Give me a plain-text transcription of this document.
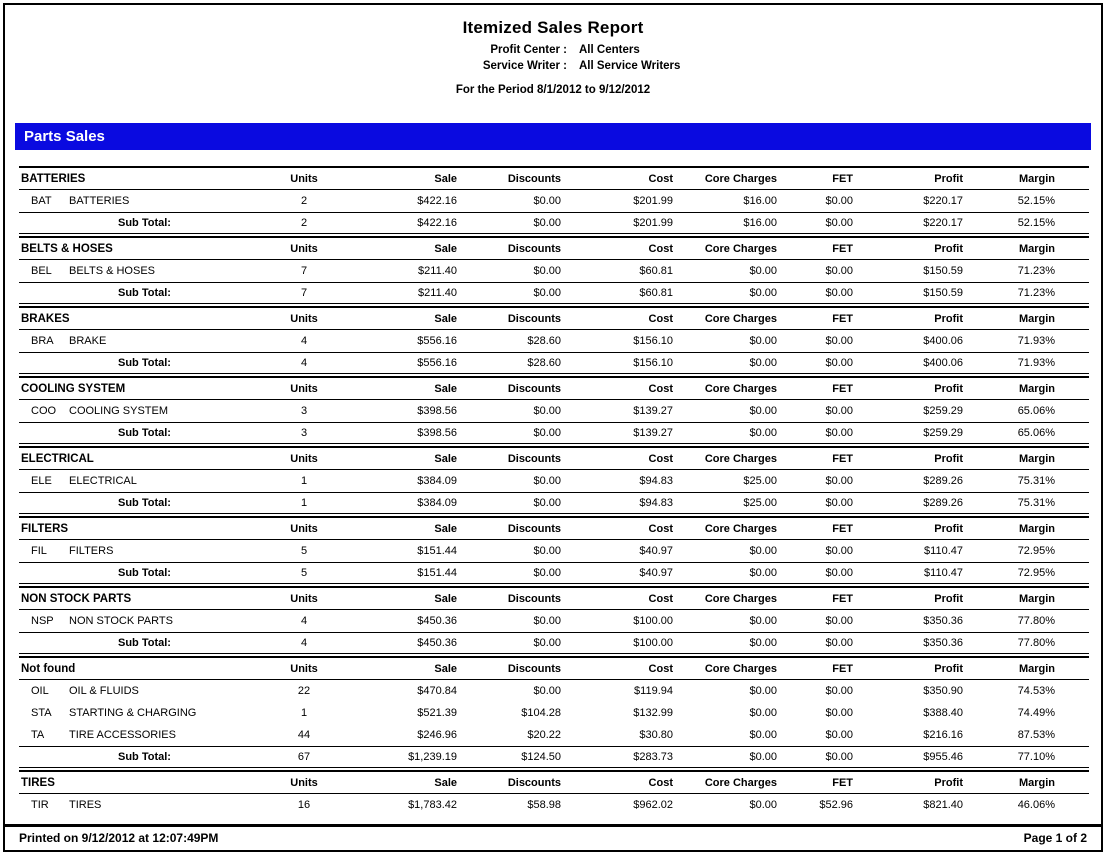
Itemized Sales Report
Profit Center :	All Centers
Service Writer :	All Service Writers
For the Period 8/1/2012 to 9/12/2012
Parts Sales
BATTERIES	Units	Sale	Discounts	Cost	Core Charges	FET	Profit	Margin
BAT	BATTERIES	2	$422.16	$0.00	$201.99	$16.00	$0.00	$220.17	52.15%
Sub Total:	2	$422.16	$0.00	$201.99	$16.00	$0.00	$220.17	52.15%
BELTS & HOSES	Units	Sale	Discounts	Cost	Core Charges	FET	Profit	Margin
BEL	BELTS & HOSES	7	$211.40	$0.00	$60.81	$0.00	$0.00	$150.59	71.23%
Sub Total:	7	$211.40	$0.00	$60.81	$0.00	$0.00	$150.59	71.23%
BRAKES	Units	Sale	Discounts	Cost	Core Charges	FET	Profit	Margin
BRA	BRAKE	4	$556.16	$28.60	$156.10	$0.00	$0.00	$400.06	71.93%
Sub Total:	4	$556.16	$28.60	$156.10	$0.00	$0.00	$400.06	71.93%
COOLING SYSTEM	Units	Sale	Discounts	Cost	Core Charges	FET	Profit	Margin
COO	COOLING SYSTEM	3	$398.56	$0.00	$139.27	$0.00	$0.00	$259.29	65.06%
Sub Total:	3	$398.56	$0.00	$139.27	$0.00	$0.00	$259.29	65.06%
ELECTRICAL	Units	Sale	Discounts	Cost	Core Charges	FET	Profit	Margin
ELE	ELECTRICAL	1	$384.09	$0.00	$94.83	$25.00	$0.00	$289.26	75.31%
Sub Total:	1	$384.09	$0.00	$94.83	$25.00	$0.00	$289.26	75.31%
FILTERS	Units	Sale	Discounts	Cost	Core Charges	FET	Profit	Margin
FIL	FILTERS	5	$151.44	$0.00	$40.97	$0.00	$0.00	$110.47	72.95%
Sub Total:	5	$151.44	$0.00	$40.97	$0.00	$0.00	$110.47	72.95%
NON STOCK PARTS	Units	Sale	Discounts	Cost	Core Charges	FET	Profit	Margin
NSP	NON STOCK PARTS	4	$450.36	$0.00	$100.00	$0.00	$0.00	$350.36	77.80%
Sub Total:	4	$450.36	$0.00	$100.00	$0.00	$0.00	$350.36	77.80%
Not found	Units	Sale	Discounts	Cost	Core Charges	FET	Profit	Margin
OIL	OIL & FLUIDS	22	$470.84	$0.00	$119.94	$0.00	$0.00	$350.90	74.53%
STA	STARTING & CHARGING	1	$521.39	$104.28	$132.99	$0.00	$0.00	$388.40	74.49%
TA	TIRE ACCESSORIES	44	$246.96	$20.22	$30.80	$0.00	$0.00	$216.16	87.53%
Sub Total:	67	$1,239.19	$124.50	$283.73	$0.00	$0.00	$955.46	77.10%
TIRES	Units	Sale	Discounts	Cost	Core Charges	FET	Profit	Margin
TIR	TIRES	16	$1,783.42	$58.98	$962.02	$0.00	$52.96	$821.40	46.06%
Printed on 9/12/2012 at 12:07:49PM	Page 1 of 2
